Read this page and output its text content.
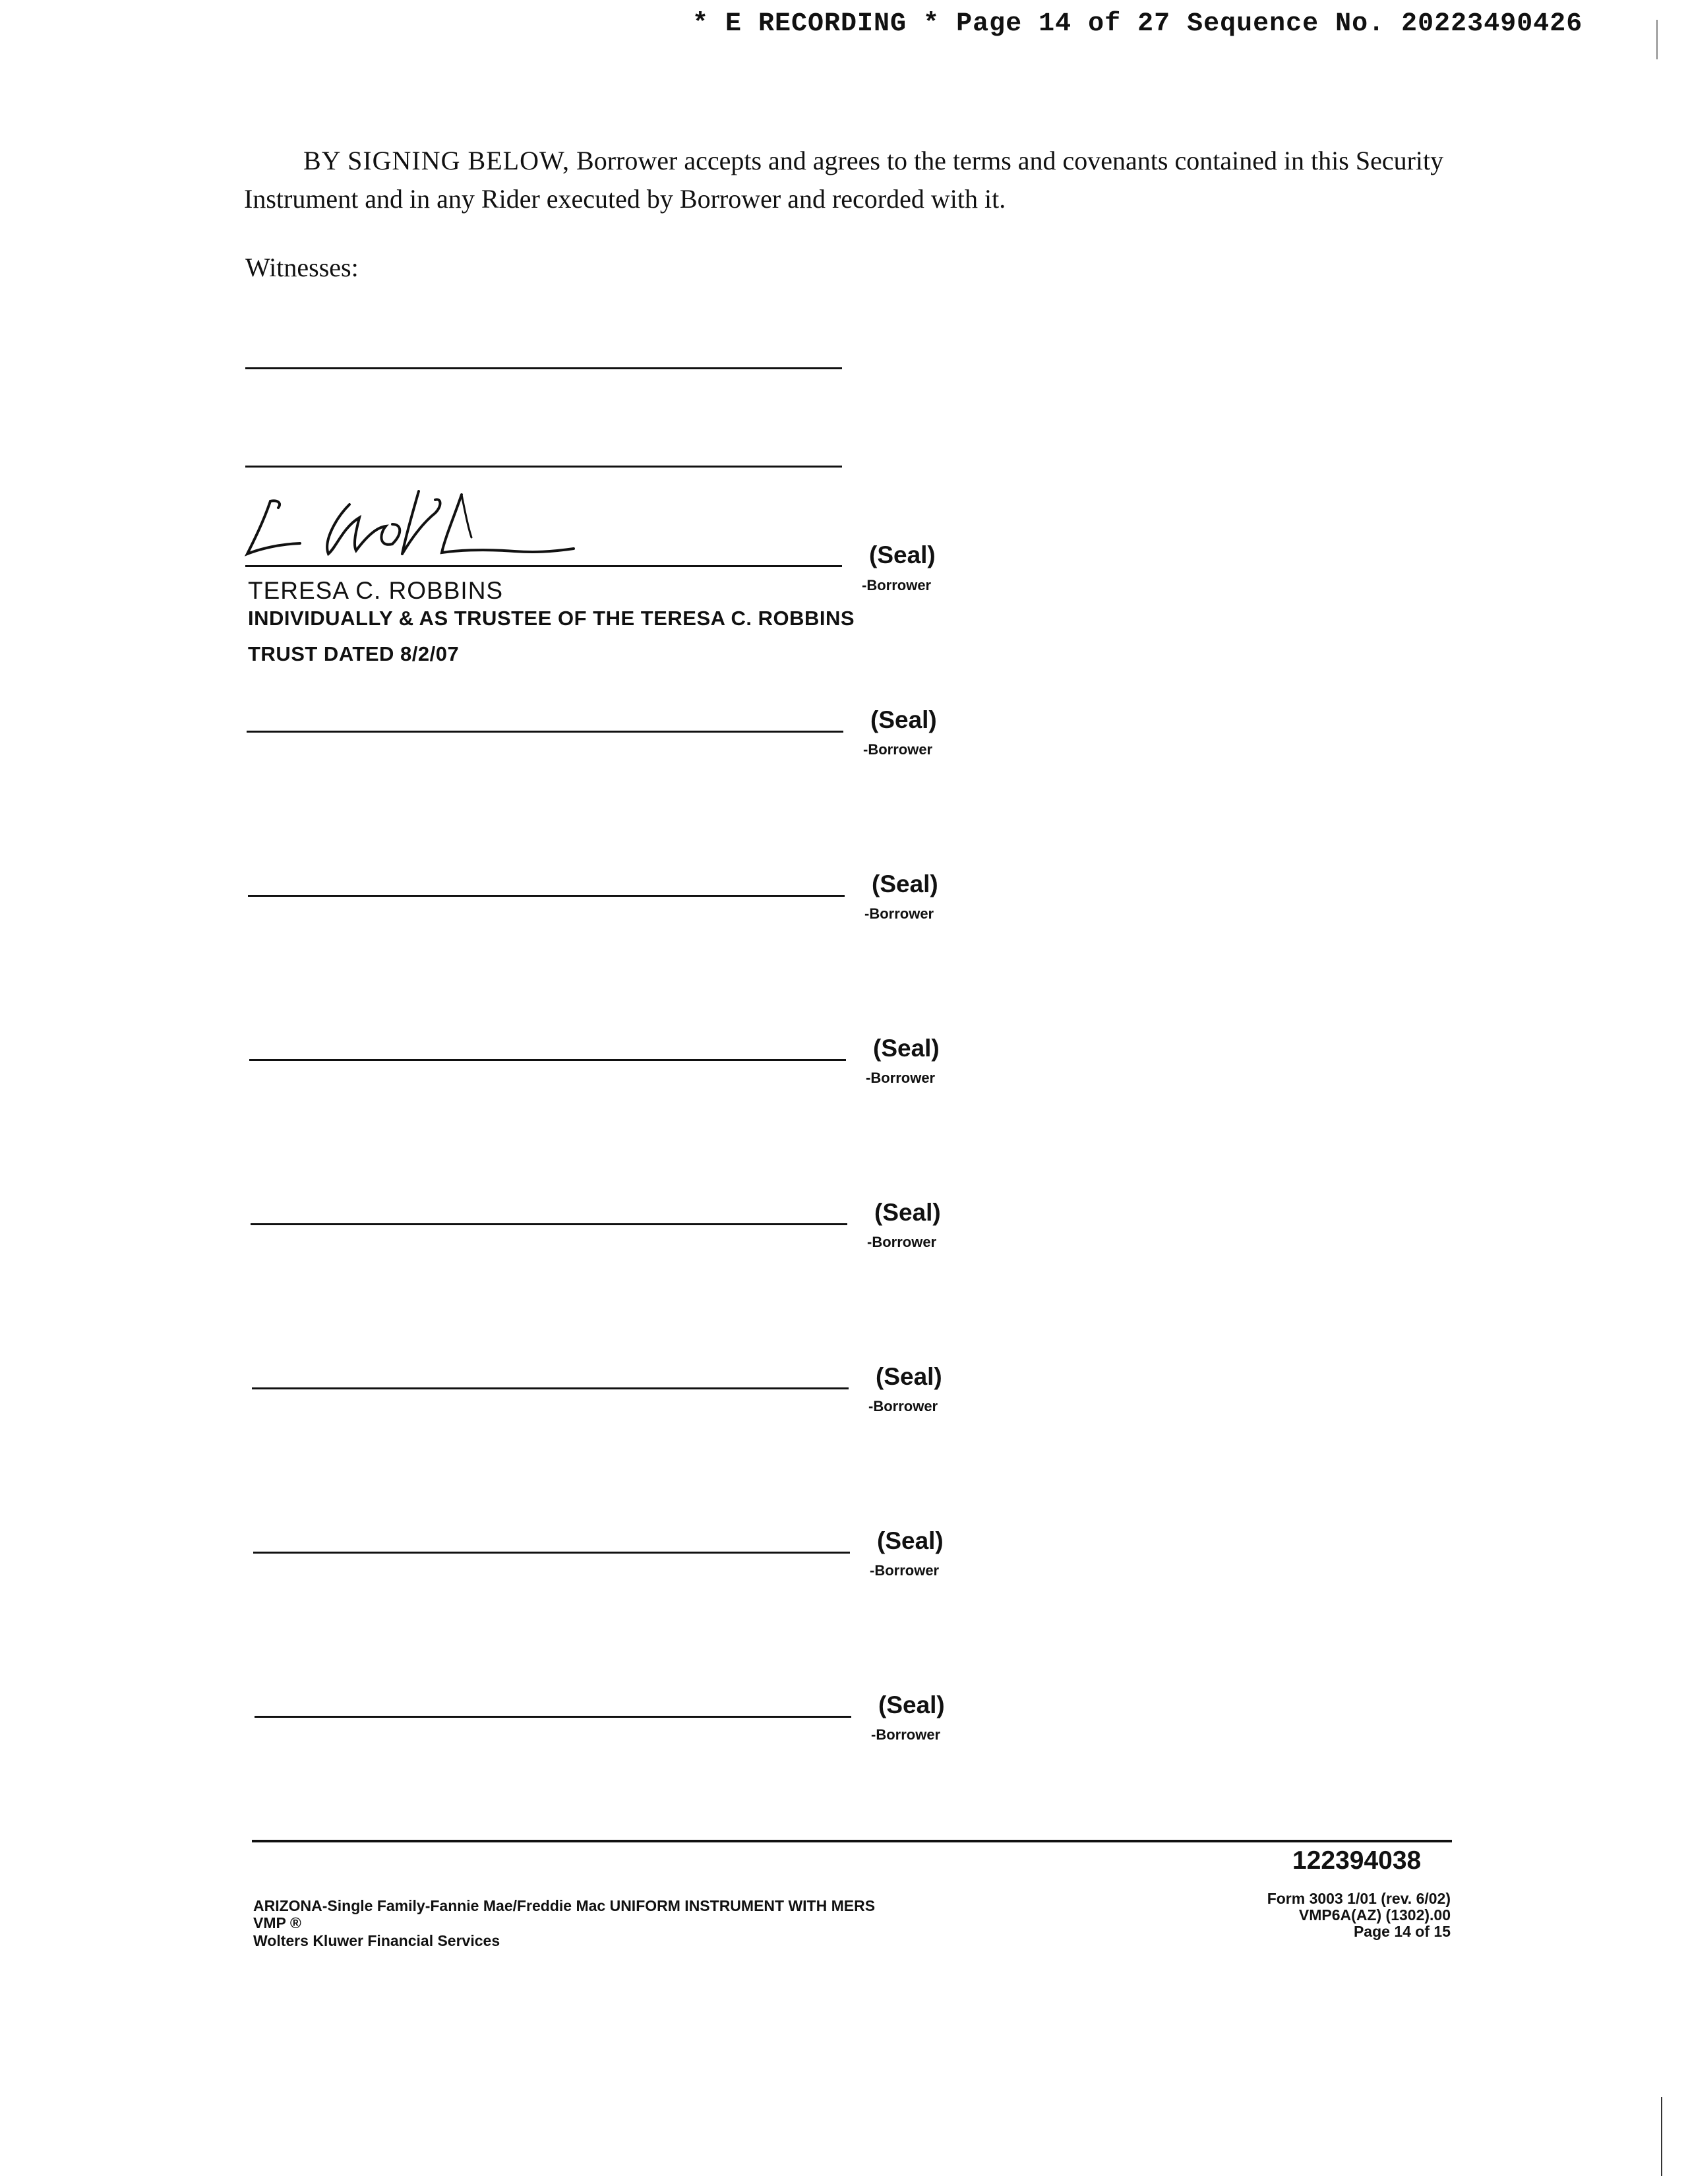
* E RECORDING * Page 14 of 27 Sequence No. 20223490426
BY SIGNING BELOW, Borrower accepts and agrees to the terms and covenants contained in this Security Instrument and in any Rider executed by Borrower and recorded with it.
Witnesses:
(Seal)
-Borrower
TERESA C. ROBBINS
INDIVIDUALLY & AS TRUSTEE OF THE TERESA C. ROBBINS
TRUST DATED 8/2/07
(Seal)
-Borrower
(Seal)
-Borrower
(Seal)
-Borrower
(Seal)
-Borrower
(Seal)
-Borrower
(Seal)
-Borrower
(Seal)
-Borrower
122394038
ARIZONA-Single Family-Fannie Mae/Freddie Mac UNIFORM INSTRUMENT WITH MERS
VMP ®
Wolters Kluwer Financial Services
Form 3003 1/01 (rev. 6/02)
VMP6A(AZ) (1302).00
Page 14 of 15
